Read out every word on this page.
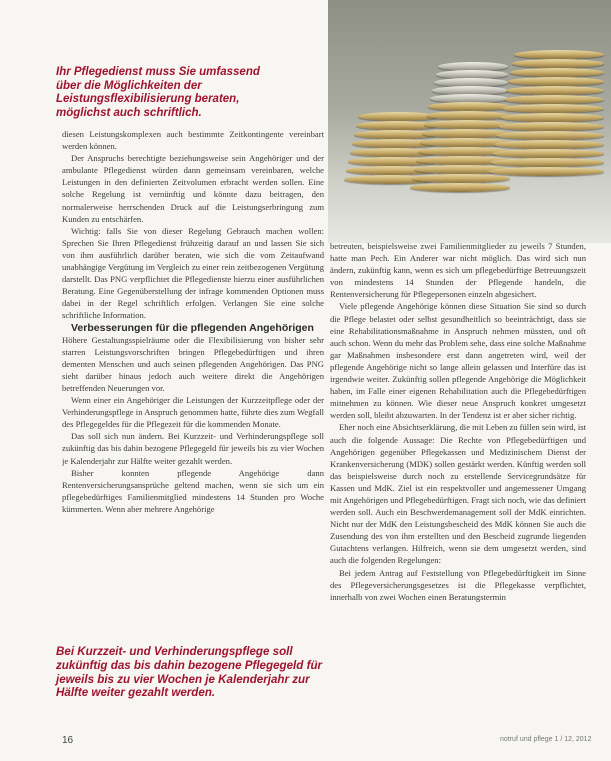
Ihr Pflegedienst muss Sie umfassend über die Möglichkeiten der Leistungsflexibilisierung beraten, möglichst auch schriftlich.

diesen Leistungskomplexen auch bestimmte Zeitkontingente vereinbart werden können.

Der Anspruchs berechtigte beziehungsweise sein Angehöriger und der ambulante Pflegedienst würden dann gemeinsam vereinbaren, welche Leistungen in den definierten Zeitvolumen erbracht werden sollen. Eine solche Regelung ist vernünftig und könnte dazu beitragen, den normalerweise herrschenden Druck auf die Leistungserbringung zum Kunden zu entschärfen.

Wichtig: falls Sie von dieser Regelung Gebrauch machen wollen: Sprechen Sie Ihren Pflegedienst frühzeitig darauf an und lassen Sie sich von ihm ausführlich darüber beraten, wie sich die vom Zeitaufwand unabhängige Vergütung im Vergleich zu einer rein zeitbezogenen Vergütung darstellt. Das PNG verpflichtet die Pflegedienste hierzu einer ausführlichen Beratung. Eine Gegenüberstellung der infrage kommenden Optionen muss dabei in der Regel schriftlich erfolgen. Verlangen Sie eine solche schriftliche Information.

Verbesserungen für die pflegenden Angehörigen

Höhere Gestaltungsspielräume oder die Flexibilisierung von bisher sehr starren Leistungsvorschriften bringen Pflegebedürftigen und ihren dementen Menschen und auch seinen pflegenden Angehörigen. Das PNG sieht darüber hinaus jedoch auch weitere direkt die Angehörigen betreffenden Neuerungen vor.

Wenn einer ein Angehöriger die Leistungen der Kurzzeitpflege oder der Verhinderungspflege in Anspruch genommen hatte, führte dies zum Wegfall des Pflegegeldes für die Pflegezeit für die kommenden Monate.

Das soll sich nun ändern. Bei Kurzzeit- und Verhinderungspflege soll zukünftig das bis dahin bezogene Pflegegeld für jeweils bis zu vier Wochen je Kalenderjahr zur Hälfte weiter gezahlt werden.

Bisher konnten pflegende Angehörige dann Rentenversicherungsansprüche geltend machen, wenn sie sich um ein pflegebedürftiges Familienmitglied mindestens 14 Stunden pro Woche kümmerten. Wenn aber mehrere Angehörige

betreuten, beispielsweise zwei Familienmitglieder zu jeweils 7 Stunden, hatte man Pech. Ein Anderer war nicht möglich. Das wird sich nun ändern, zukünftig kann, wenn es sich um pflegebedürftige Betreuungszeit von mindestens 14 Stunden der Pflegende handeln, die Rentenversicherung für Pflegepersonen einzeln abgesichert.

Viele pflegende Angehörige können diese Situation Sie sind so durch die Pflege belastet oder selbst gesundheitlich so beeinträchtigt, dass sie eine Rehabilitationsmaßnahme in Anspruch nehmen müssten, und oft auch schon. Wenn du mehr das Problem sehe, dass eine solche Maßnahme gar Maßnahmen insbesondere erst dann angetreten wird, weil der pflegende Angehörige nicht so lange allein gelassen und Interfüre das ist irgendwie weiter. Zukünftig sollen pflegende Angehörige die Möglichkeit haben, im Falle einer eigenen Rehabilitation auch die Pflegebedürftigen mitnehmen zu können. Wie dieser neue Anspruch konkret umgesetzt werden soll, bleibt abzuwarten. In der Tendenz ist er aber sicher richtig.

Eher noch eine Absichtserklärung, die mit Leben zu füllen sein wird, ist auch die folgende Aussage: Die Rechte von Pflegebedürftigen und Angehörigen gegenüber Pflegekassen und Medizinischem Dienst der Krankenversicherung (MDK) sollen gestärkt werden. Künftig werden soll das beispielsweise durch noch zu erstellende Servicegrundsätze für Kassen und MdK. Ziel ist ein respektvoller und angemessener Umgang mit Angehörigen und Pflegebedürftigen. Fragt sich noch, wie das definiert werden soll. Auch ein Beschwerdemanagement soll der MdK einrichten. Nicht nur der MdK den Leistungsbescheid des MdK können Sie auch die Zusendung des von ihm erstellten und den Bescheid zugrunde liegenden Gutachtens verlangen. Hilfreich, wenn sie dem umgesetzt werden, sind auch die folgenden Regelungen:

Bei jedem Antrag auf Feststellung von Pflegebedürftigkeit im Sinne des Pflegeversicherungsgesetzes ist die Pflegekasse verpflichtet, innerhalb von zwei Wochen einen Beratungstermin

Bei Kurzzeit- und Verhinderungspflege soll zukünftig das bis dahin bezogene Pflegegeld für jeweils bis zu vier Wochen je Kalenderjahr zur Hälfte weiter gezahlt werden.

16	notruf und pflege 1 / 12, 2012
